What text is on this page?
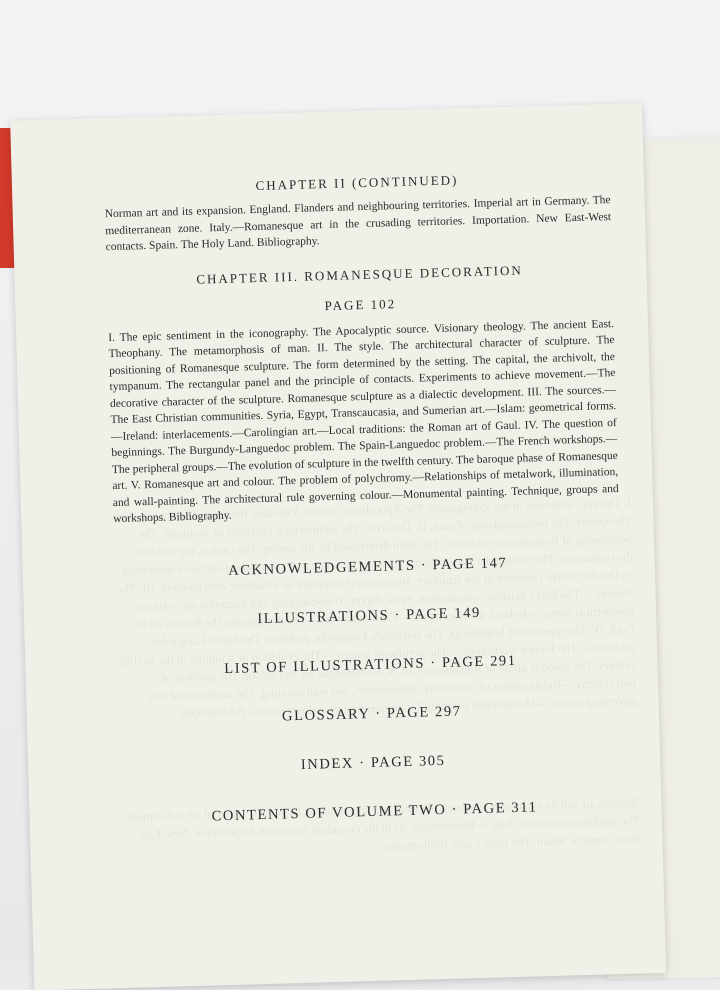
CHAPTER II (CONTINUED)

Norman art and its expansion. England. Flanders and neighbouring territories. Imperial art in Germany. The mediterranean zone. Italy.—Romanesque art in the crusading territories. Importation. New East-West contacts. Spain. The Holy Land. Bibliography.

CHAPTER III. ROMANESQUE DECORATION
PAGE 102

I. The epic sentiment in the iconography. The Apocalyptic source. Visionary theology. The ancient East. Theophany. The metamorphosis of man. II. The style. The architectural character of sculpture. The positioning of Romanesque sculpture. The form determined by the setting. The capital, the archivolt, the tympanum. The rectangular panel and the principle of contacts. Experiments to achieve movement.—The decorative character of the sculpture. Romanesque sculpture as a dialectic development. III. The sources.—The East Christian communities. Syria, Egypt, Transcaucasia, and Sumerian art.—Islam: geometrical forms.—Ireland: interlacements.—Carolingian art.—Local traditions: the Roman art of Gaul. IV. The question of beginnings. The Burgundy-Languedoc problem. The Spain-Languedoc problem.—The French workshops.—The peripheral groups.—The evolution of sculpture in the twelfth century. The baroque phase of Romanesque art. V. Romanesque art and colour. The problem of polychromy.—Relationships of metalwork, illumination, and wall-painting. The architectural rule governing colour.—Monumental painting. Technique, groups and workshops. Bibliography.

ACKNOWLEDGEMENTS · PAGE 147
ILLUSTRATIONS · PAGE 149
LIST OF ILLUSTRATIONS · PAGE 291
GLOSSARY · PAGE 297
INDEX · PAGE 305
CONTENTS OF VOLUME TWO · PAGE 311
